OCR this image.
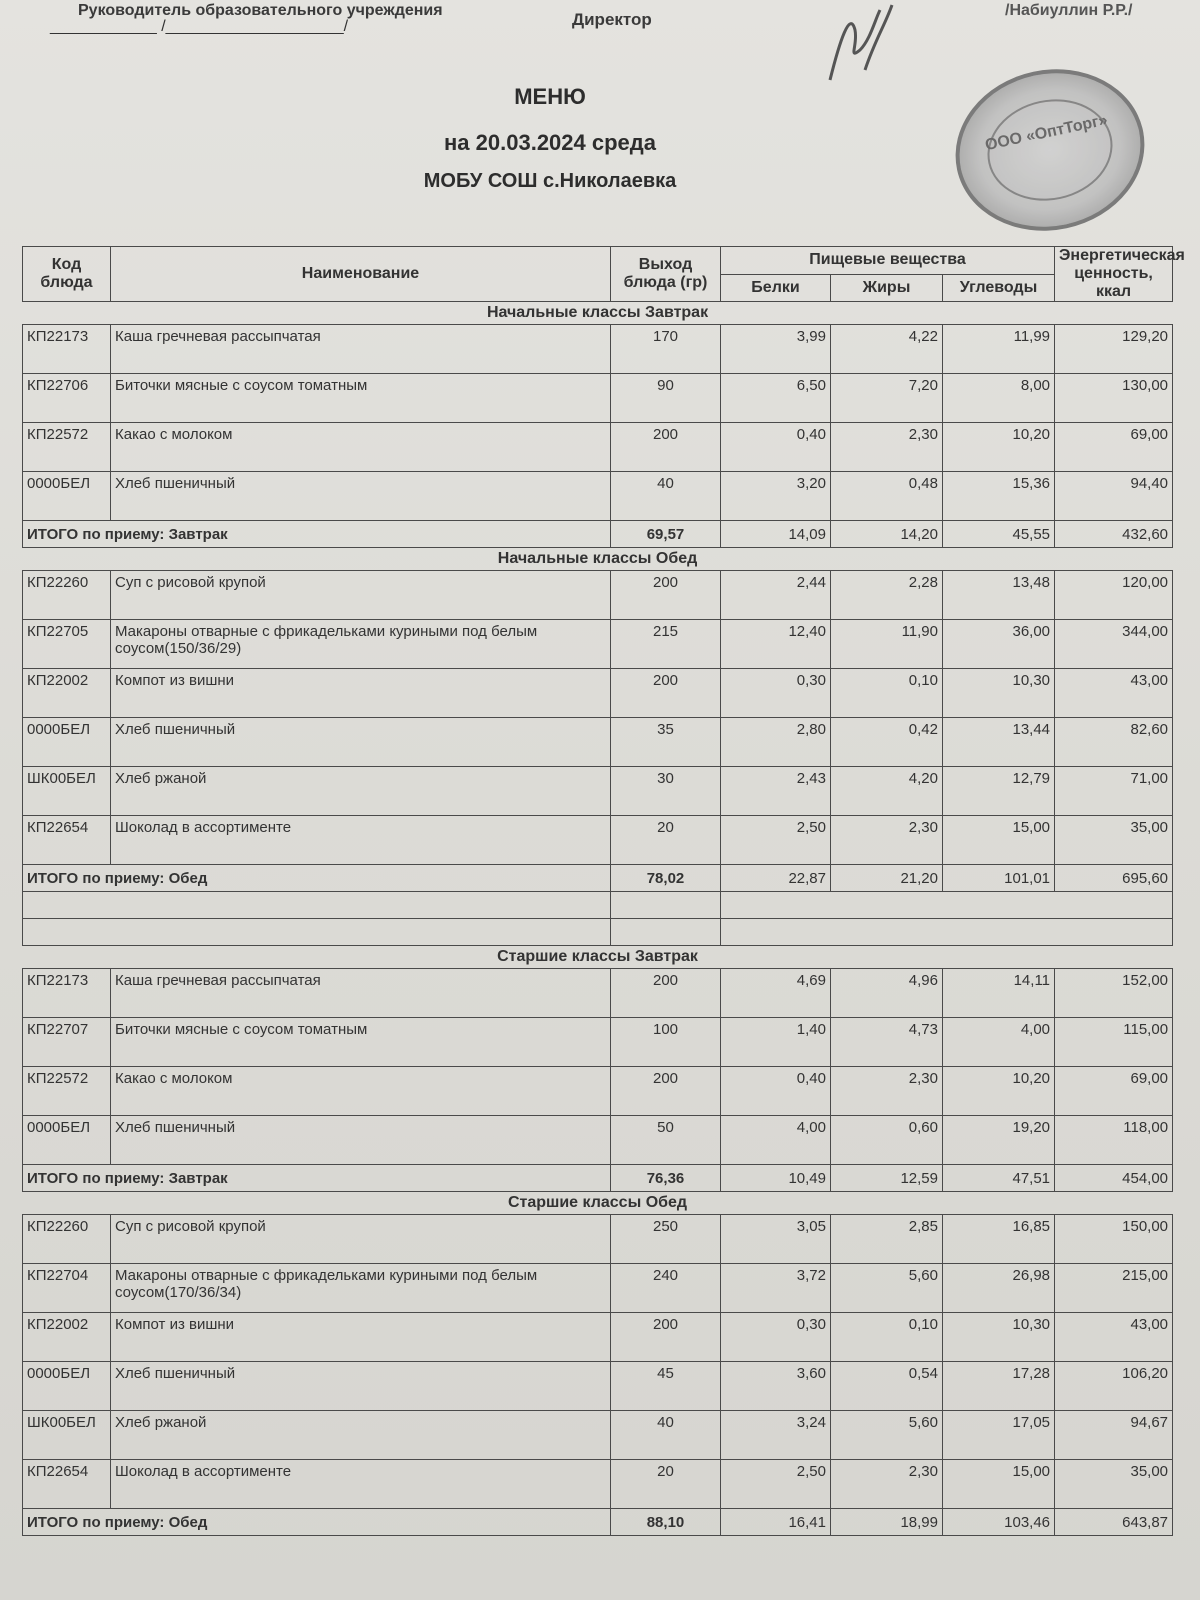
Руководитель образовательного учреждения
____________ /____________________/	Директор	/Набиуллин Р.Р./
ООО «ОптТорг»
МЕНЮ
на 20.03.2024 среда
МОБУ СОШ с.Николаевка
Код блюда	Наименование	Выход блюда (гр)	Пищевые вещества			Энергетическая ценность, ккал
			Белки	Жиры	Углеводы	
Начальные классы Завтрак						
КП22173	Каша гречневая рассыпчатая	170	3,99	4,22	11,99	129,20
КП22706	Биточки мясные с соусом томатным	90	6,50	7,20	8,00	130,00
КП22572	Какао с молоком	200	0,40	2,30	10,20	69,00
0000БЕЛ	Хлеб пшеничный	40	3,20	0,48	15,36	94,40
ИТОГО по приему: Завтрак		69,57	14,09	14,20	45,55	432,60
Начальные классы Обед						
КП22260	Суп с рисовой крупой	200	2,44	2,28	13,48	120,00
КП22705	Макароны отварные с фрикадельками куриными под белым соусом(150/36/29)	215	12,40	11,90	36,00	344,00
КП22002	Компот из вишни	200	0,30	0,10	10,30	43,00
0000БЕЛ	Хлеб пшеничный	35	2,80	0,42	13,44	82,60
ШК00БЕЛ	Хлеб ржаной	30	2,43	4,20	12,79	71,00
КП22654	Шоколад в ассортименте	20	2,50	2,30	15,00	35,00
ИТОГО по приему: Обед		78,02	22,87	21,20	101,01	695,60

Старшие классы Завтрак						
КП22173	Каша гречневая рассыпчатая	200	4,69	4,96	14,11	152,00
КП22707	Биточки мясные с соусом томатным	100	1,40	4,73	4,00	115,00
КП22572	Какао с молоком	200	0,40	2,30	10,20	69,00
0000БЕЛ	Хлеб пшеничный	50	4,00	0,60	19,20	118,00
ИТОГО по приему: Завтрак		76,36	10,49	12,59	47,51	454,00
Старшие классы Обед						
КП22260	Суп с рисовой крупой	250	3,05	2,85	16,85	150,00
КП22704	Макароны отварные с фрикадельками куриными под белым соусом(170/36/34)	240	3,72	5,60	26,98	215,00
КП22002	Компот из вишни	200	0,30	0,10	10,30	43,00
0000БЕЛ	Хлеб пшеничный	45	3,60	0,54	17,28	106,20
ШК00БЕЛ	Хлеб ржаной	40	3,24	5,60	17,05	94,67
КП22654	Шоколад в ассортименте	20	2,50	2,30	15,00	35,00
ИТОГО по приему: Обед		88,10	16,41	18,99	103,46	643,87
